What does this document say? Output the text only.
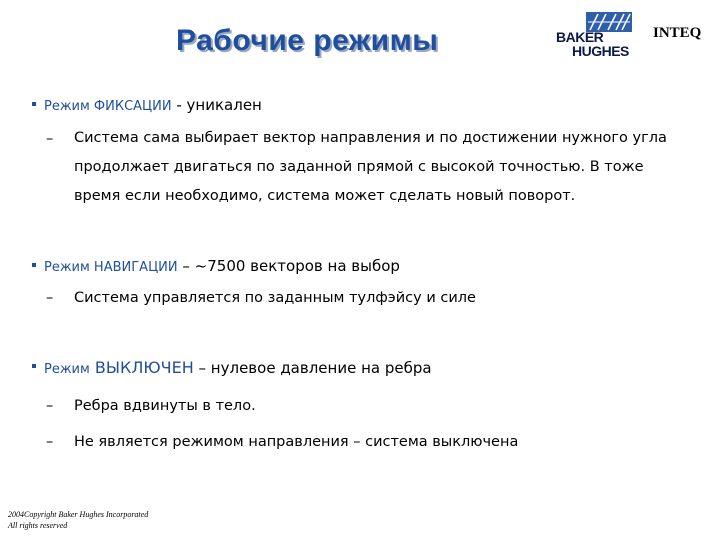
Рабочие режимы	BAKER
HUGHES
INTEQ
Режим ФИКСАЦИИ - уникален
– Система сама выбирает вектор направления и по достижении нужного угла продолжает двигаться по заданной прямой с высокой точностью. В тоже время если необходимо, система может сделать новый поворот.
Режим НАВИГАЦИИ – ~7500 векторов на выбор
– Система управляется по заданным тулфэйсу и силе
Режим ВЫКЛЮЧЕН – нулевое давление на ребра
– Ребра вдвинуты в тело.
– Не является режимом направления – система выключена
2004Copyright Baker Hughes Incorporated
All rights reserved
